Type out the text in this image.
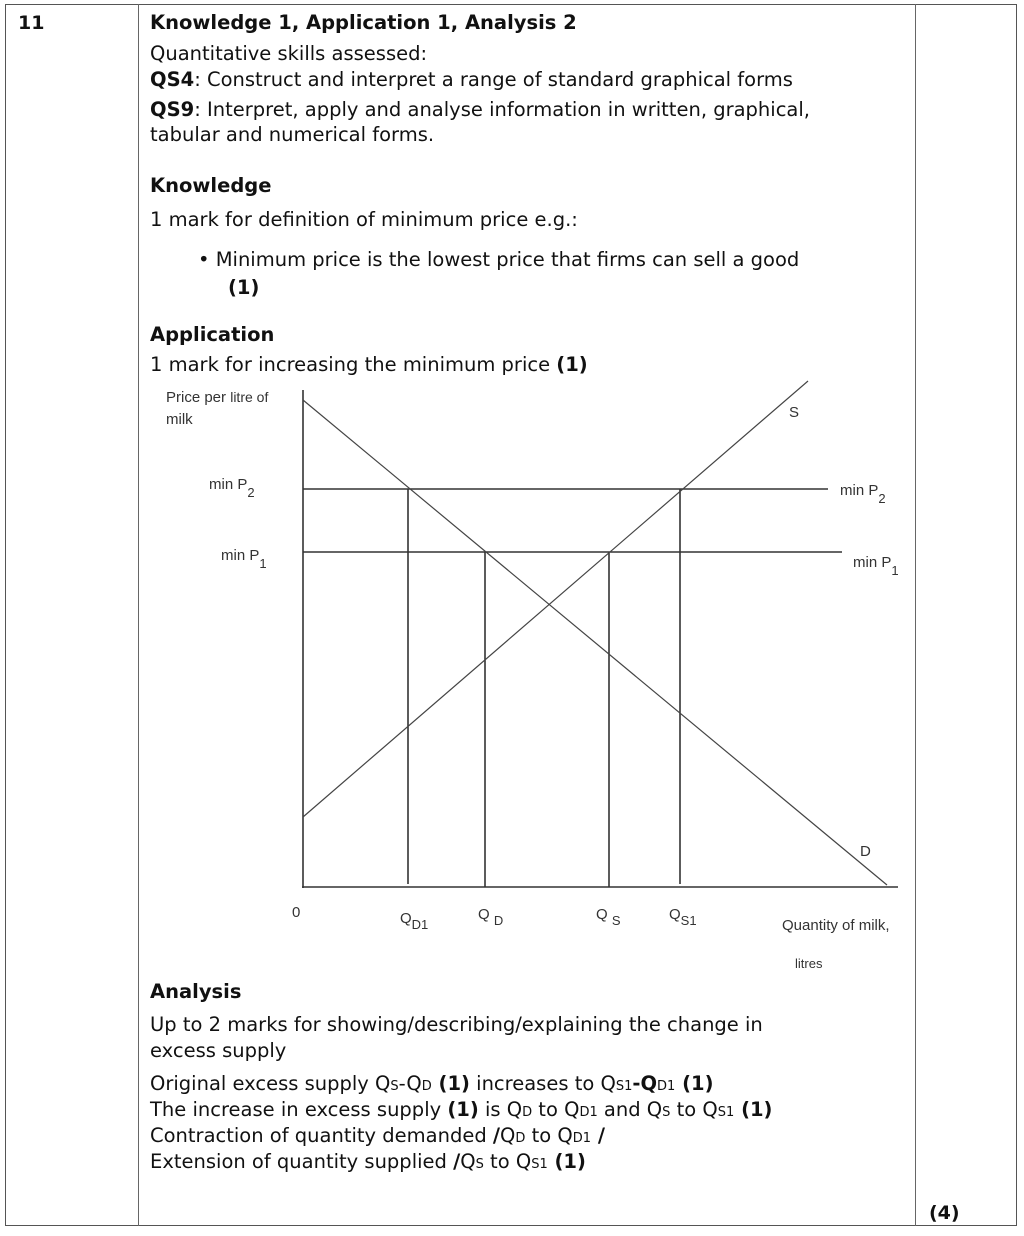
11
(4)
Knowledge 1, Application 1, Analysis 2
Quantitative skills assessed:
QS4: Construct and interpret a range of standard graphical forms
QS9: Interpret, apply and analyse information in written, graphical,
tabular and numerical forms.
Knowledge
1 mark for definition of minimum price e.g.:
• Minimum price is the lowest price that firms can sell a good
(1)
Application
1 mark for increasing the minimum price (1)
Price per litre of
milk
min P2
min P1
min P2
min P1
S
D
0	QD1
Q D	Q S	QS1	Quantity of milk,
litres
Analysis
Up to 2 marks for showing/describing/explaining the change in
excess supply
Original excess supply QS-QD (1) increases to QS1-QD1 (1)
The increase in excess supply (1) is QD to QD1 and QS to QS1 (1)
Contraction of quantity demanded /QD to QD1 /
Extension of quantity supplied /QS to QS1 (1)
